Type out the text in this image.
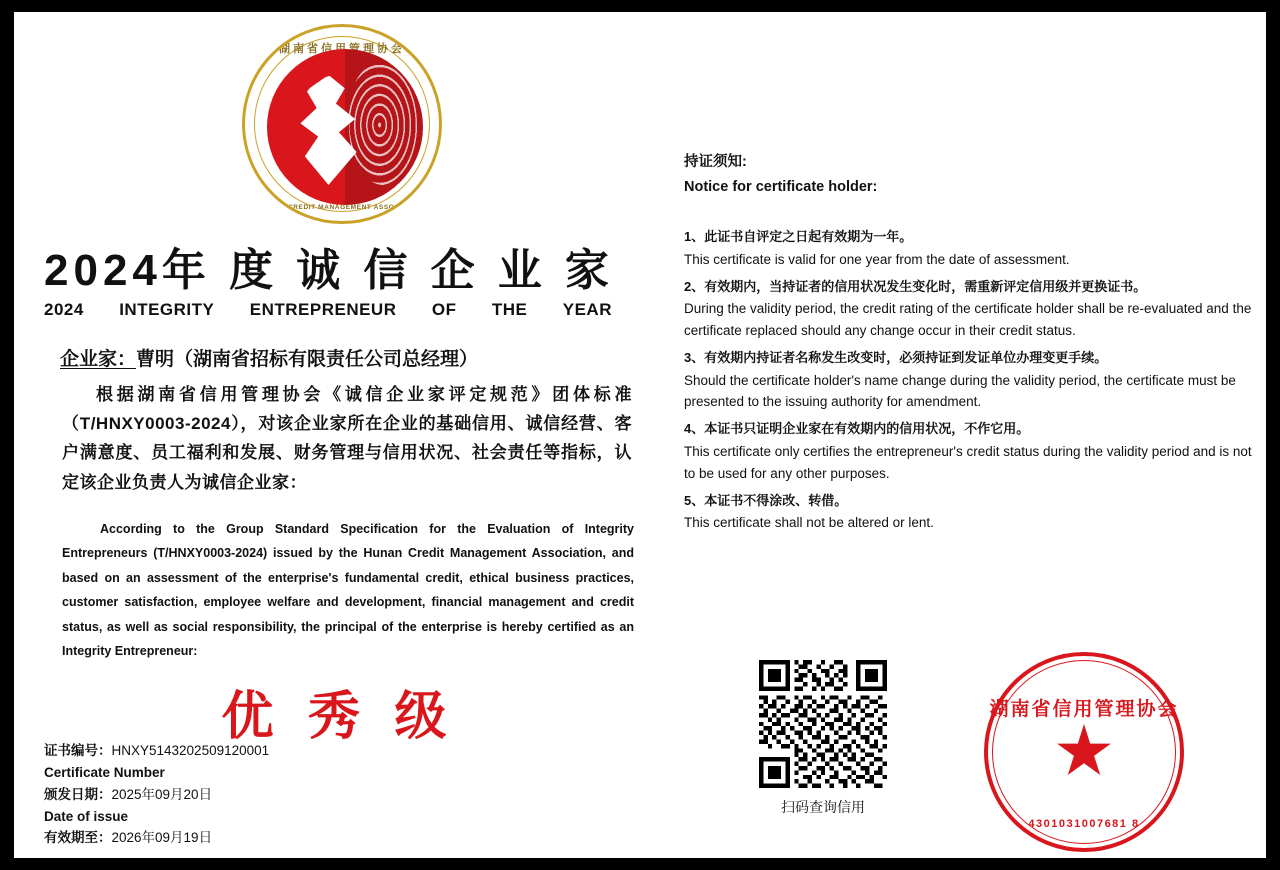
HUNAN CREDIT MANAGEMENT ASSOCIATION
2024年 度 诚 信 企 业 家
2024 INTEGRITY ENTREPRENEUR OF THE YEAR
企业家：曹明（湖南省招标有限责任公司总经理）
根据湖南省信用管理协会《诚信企业家评定规范》团体标准（T/HNXY0003-2024），对该企业家所在企业的基础信用、诚信经营、客户满意度、员工福利和发展、财务管理与信用状况、社会责任等指标，认定该企业负责人为诚信企业家：
According to the Group Standard Specification for the Evaluation of Integrity Entrepreneurs (T/HNXY0003-2024) issued by the Hunan Credit Management Association, and based on an assessment of the enterprise's fundamental credit, ethical business practices, customer satisfaction, employee welfare and development, financial management and credit status, as well as social responsibility, the principal of the enterprise is hereby certified as an Integrity Entrepreneur:
优 秀 级
证书编号：HNXY5143202509120001
Certificate Number
颁发日期：2025年09月20日
Date of issue
有效期至：2026年09月19日
持证须知:
Notice for certificate holder:
1、此证书自评定之日起有效期为一年。
This certificate is valid for one year from the date of assessment.
2、有效期内，当持证者的信用状况发生变化时，需重新评定信用级并更换证书。
During the validity period, the credit rating of the certificate holder shall be re-evaluated and the certificate replaced should any change occur in their credit status.
3、有效期内持证者名称发生改变时，必须持证到发证单位办理变更手续。
Should the certificate holder's name change during the validity period, the certificate must be presented to the issuing authority for amendment.
4、本证书只证明企业家在有效期内的信用状况，不作它用。
This certificate only certifies the entrepreneur's credit status during the validity period and is not to be used for any other purposes.
5、本证书不得涂改、转借。
This certificate shall not be altered or lent.
扫码查询信用
湖南省信用管理协会
4301031007681 8
